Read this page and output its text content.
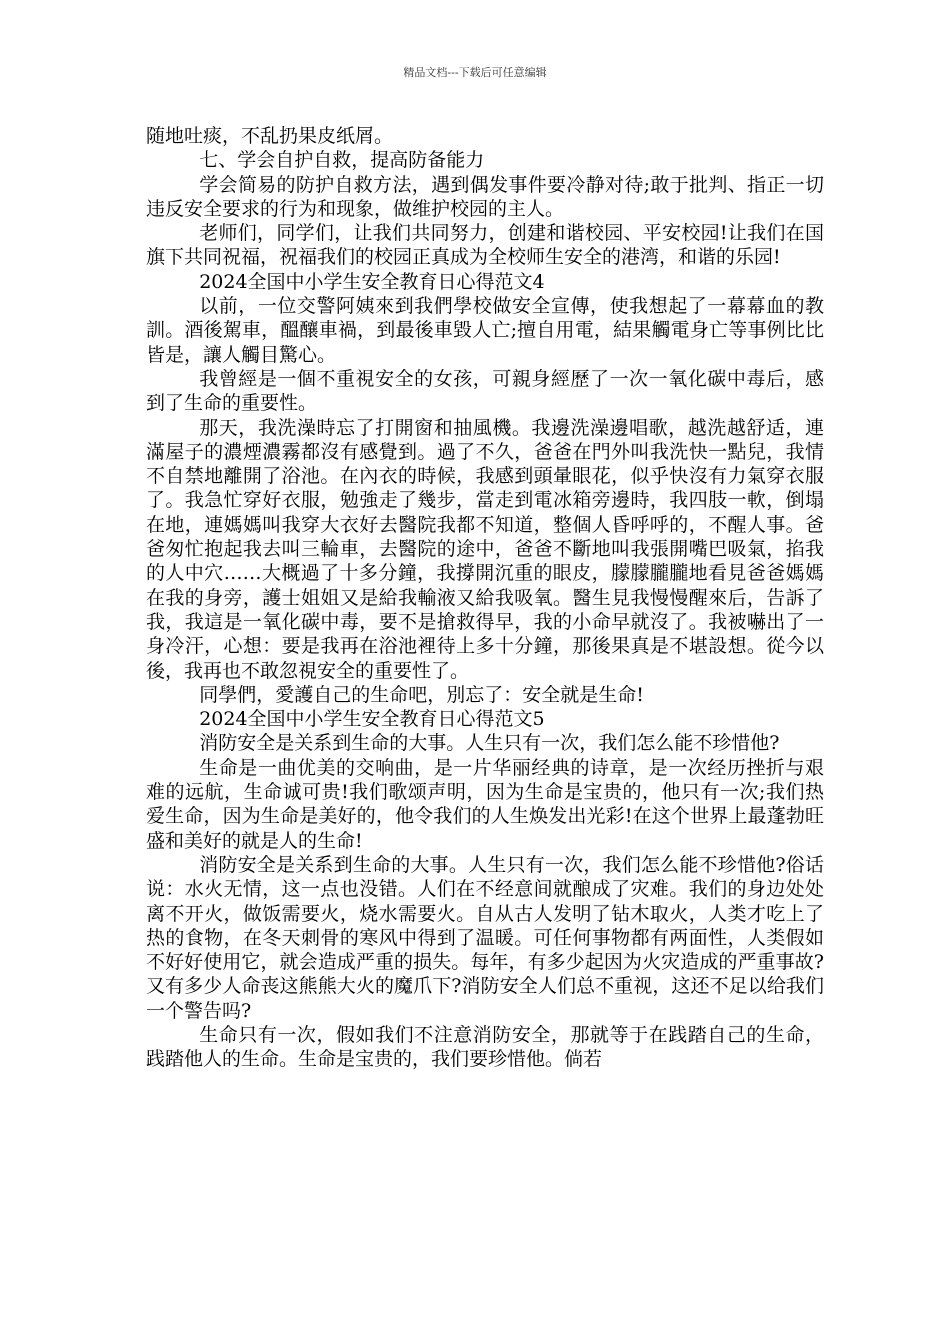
精品文档---下载后可任意编辑

随地吐痰，不乱扔果皮纸屑。

七、学会自护自救，提高防备能力

学会简易的防护自救方法，遇到偶发事件要冷静对待;敢于批判、指正一切违反安全要求的行为和现象，做维护校园的主人。

老师们，同学们，让我们共同努力，创建和谐校园、平安校园!让我们在国旗下共同祝福，祝福我们的校园正真成为全校师生安全的港湾，和谐的乐园!

2024全国中小学生安全教育日心得范文4

以前，一位交警阿姨來到我們學校做安全宣傳，使我想起了一幕幕血的教訓。酒後駕車，醞釀車禍，到最後車毀人亡;擅自用電，結果觸電身亡等事例比比皆是，讓人觸目驚心。

我曾經是一個不重視安全的女孩，可親身經歷了一次一氧化碳中毒后，感到了生命的重要性。

那天，我洗澡時忘了打開窗和抽風機。我邊洗澡邊唱歌，越洗越舒适，連滿屋子的濃煙濃霧都沒有感覺到。過了不久，爸爸在門外叫我洗快一點兒，我情不自禁地離開了浴池。在內衣的時候，我感到頭暈眼花，似乎快沒有力氣穿衣服了。我急忙穿好衣服，勉強走了幾步，當走到電冰箱旁邊時，我四肢一軟，倒塌在地，連媽媽叫我穿大衣好去醫院我都不知道，整個人昏呼呼的，不醒人事。爸爸匆忙抱起我去叫三輪車，去醫院的途中，爸爸不斷地叫我張開嘴巴吸氣，掐我的人中穴……大概過了十多分鐘，我撐開沉重的眼皮，朦朦朧朧地看見爸爸媽媽在我的身旁，護士姐姐又是給我輸液又給我吸氧。醫生見我慢慢醒來后，告訴了我，我這是一氧化碳中毒，要不是搶救得早，我的小命早就沒了。我被嚇出了一身冷汗，心想：要是我再在浴池裡待上多十分鐘，那後果真是不堪設想。從今以後，我再也不敢忽視安全的重要性了。

同學們，愛護自己的生命吧，別忘了：安全就是生命!

2024全国中小学生安全教育日心得范文5

消防安全是关系到生命的大事。人生只有一次，我们怎么能不珍惜他?

生命是一曲优美的交响曲，是一片华丽经典的诗章，是一次经历挫折与艰难的远航，生命诚可贵!我们歌颂声明，因为生命是宝贵的，他只有一次;我们热爱生命，因为生命是美好的，他令我们的人生焕发出光彩!在这个世界上最蓬勃旺盛和美好的就是人的生命!

消防安全是关系到生命的大事。人生只有一次，我们怎么能不珍惜他?俗话说：水火无情，这一点也没错。人们在不经意间就酿成了灾难。我们的身边处处离不开火，做饭需要火，烧水需要火。自从古人发明了钻木取火，人类才吃上了热的食物，在冬天刺骨的寒风中得到了温暖。可任何事物都有两面性，人类假如不好好使用它，就会造成严重的损失。每年，有多少起因为火灾造成的严重事故?又有多少人命丧这熊熊大火的魔爪下?消防安全人们总不重视，这还不足以给我们一个警告吗?

生命只有一次，假如我们不注意消防安全，那就等于在践踏自己的生命，践踏他人的生命。生命是宝贵的，我们要珍惜他。倘若
